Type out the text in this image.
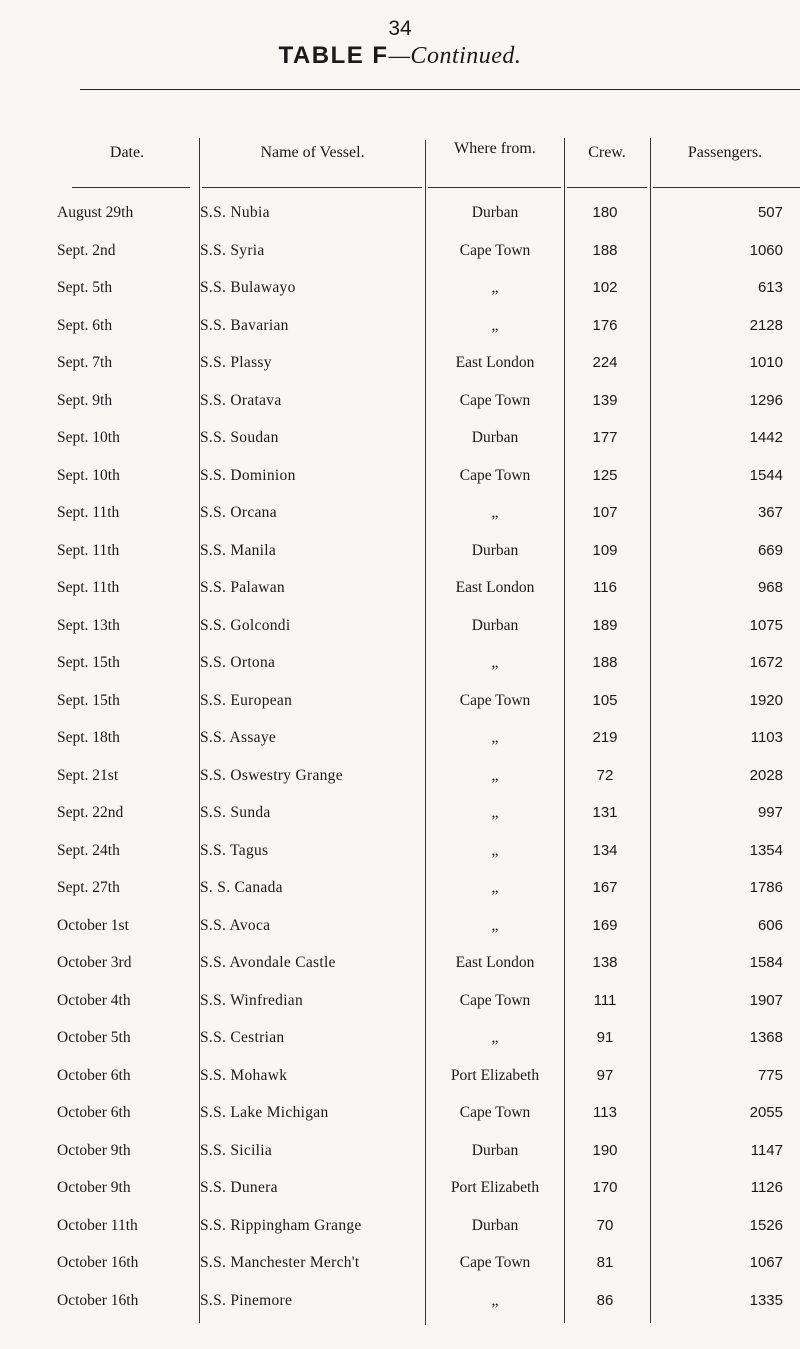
34
TABLE F—Continued.
Date.	Name of Vessel.	Where from.	Crew.	Passengers.
August 29th	S.S. Nubia	Durban	180	507
Sept. 2nd	S.S. Syria	Cape Town	188	1060
Sept. 5th	S.S. Bulawayo	„	102	613
Sept. 6th	S.S. Bavarian	„	176	2128
Sept. 7th	S.S. Plassy	East London	224	1010
Sept. 9th	S.S. Oratava	Cape Town	139	1296
Sept. 10th	S.S. Soudan	Durban	177	1442
Sept. 10th	S.S. Dominion	Cape Town	125	1544
Sept. 11th	S.S. Orcana	„	107	367
Sept. 11th	S.S. Manila	Durban	109	669
Sept. 11th	S.S. Palawan	East London	116	968
Sept. 13th	S.S. Golcondi	Durban	189	1075
Sept. 15th	S.S. Ortona	„	188	1672
Sept. 15th	S.S. European	Cape Town	105	1920
Sept. 18th	S.S. Assaye	„	219	1103
Sept. 21st	S.S. Oswestry Grange	„	72	2028
Sept. 22nd	S.S. Sunda	„	131	997
Sept. 24th	S.S. Tagus	„	134	1354
Sept. 27th	S. S. Canada	„	167	1786
October 1st	S.S. Avoca	„	169	606
October 3rd	S.S. Avondale Castle	East London	138	1584
October 4th	S.S. Winfredian	Cape Town	111	1907
October 5th	S.S. Cestrian	„	91	1368
October 6th	S.S. Mohawk	Port Elizabeth	97	775
October 6th	S.S. Lake Michigan	Cape Town	113	2055
October 9th	S.S. Sicilia	Durban	190	1147
October 9th	S.S. Dunera	Port Elizabeth	170	1126
October 11th	S.S. Rippingham Grange	Durban	70	1526
October 16th	S.S. Manchester Merch't	Cape Town	81	1067
October 16th	S.S. Pinemore	„	86	1335
